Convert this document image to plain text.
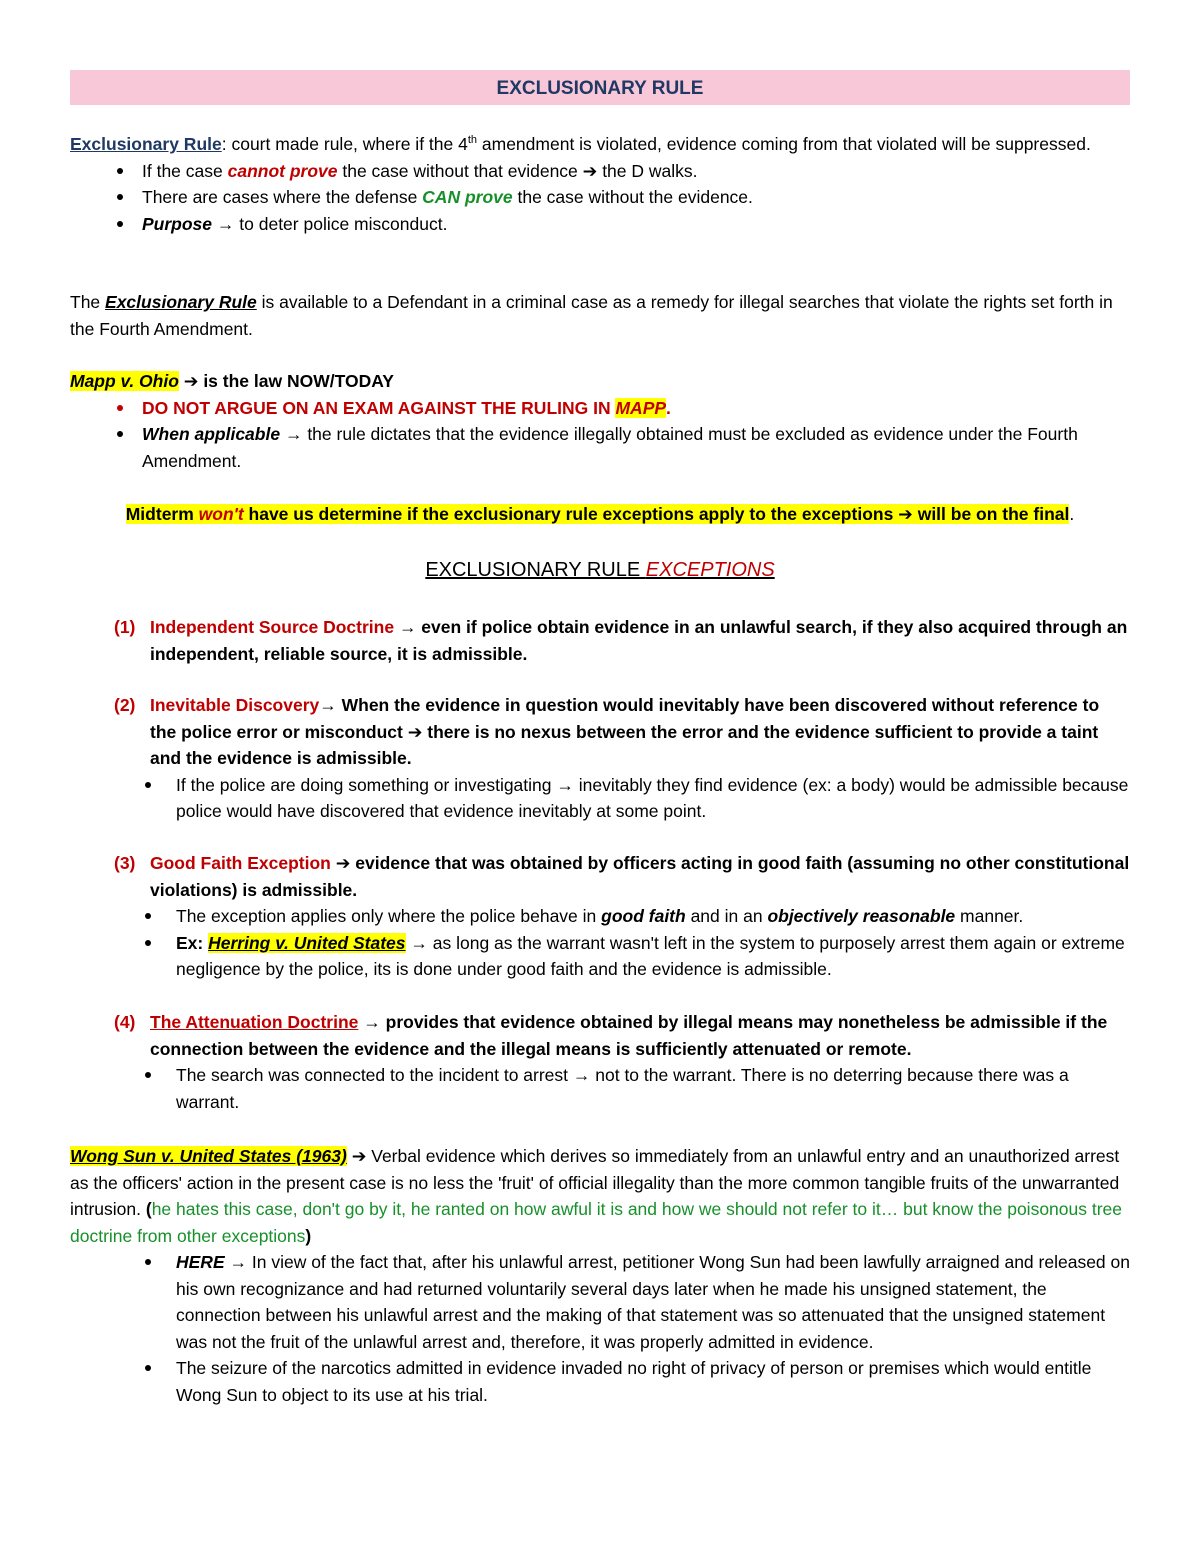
EXCLUSIONARY RULE

Exclusionary Rule: court made rule, where if the 4th amendment is violated, evidence coming from that violated will be suppressed.

If the case cannot prove the case without that evidence ➔ the D walks.
There are cases where the defense CAN prove the case without the evidence.
Purpose → to deter police misconduct.

The Exclusionary Rule is available to a Defendant in a criminal case as a remedy for illegal searches that violate the rights set forth in the Fourth Amendment.

Mapp v. Ohio ➔ is the law NOW/TODAY

DO NOT ARGUE ON AN EXAM AGAINST THE RULING IN MAPP.
When applicable → the rule dictates that the evidence illegally obtained must be excluded as evidence under the Fourth Amendment.

Midterm won't have us determine if the exclusionary rule exceptions apply to the exceptions ➔ will be on the final.

EXCLUSIONARY RULE EXCEPTIONS

(1) Independent Source Doctrine → even if police obtain evidence in an unlawful search, if they also acquired through an independent, reliable source, it is admissible.
(2) Inevitable Discovery→ When the evidence in question would inevitably have been discovered without reference to the police error or misconduct ➔ there is no nexus between the error and the evidence sufficient to provide a taint and the evidence is admissible.
If the police are doing something or investigating → inevitably they find evidence (ex: a body) would be admissible because police would have discovered that evidence inevitably at some point.
(3) Good Faith Exception ➔ evidence that was obtained by officers acting in good faith (assuming no other constitutional violations) is admissible.
The exception applies only where the police behave in good faith and in an objectively reasonable manner.
Ex: Herring v. United States → as long as the warrant wasn't left in the system to purposely arrest them again or extreme negligence by the police, its is done under good faith and the evidence is admissible.
(4) The Attenuation Doctrine → provides that evidence obtained by illegal means may nonetheless be admissible if the connection between the evidence and the illegal means is sufficiently attenuated or remote.
The search was connected to the incident to arrest → not to the warrant. There is no deterring because there was a warrant.

Wong Sun v. United States (1963) ➔ Verbal evidence which derives so immediately from an unlawful entry and an unauthorized arrest as the officers' action in the present case is no less the 'fruit' of official illegality than the more common tangible fruits of the unwarranted intrusion. (he hates this case, don't go by it, he ranted on how awful it is and how we should not refer to it… but know the poisonous tree doctrine from other exceptions)

HERE → In view of the fact that, after his unlawful arrest, petitioner Wong Sun had been lawfully arraigned and released on his own recognizance and had returned voluntarily several days later when he made his unsigned statement, the connection between his unlawful arrest and the making of that statement was so attenuated that the unsigned statement was not the fruit of the unlawful arrest and, therefore, it was properly admitted in evidence.
The seizure of the narcotics admitted in evidence invaded no right of privacy of person or premises which would entitle Wong Sun to object to its use at his trial.
